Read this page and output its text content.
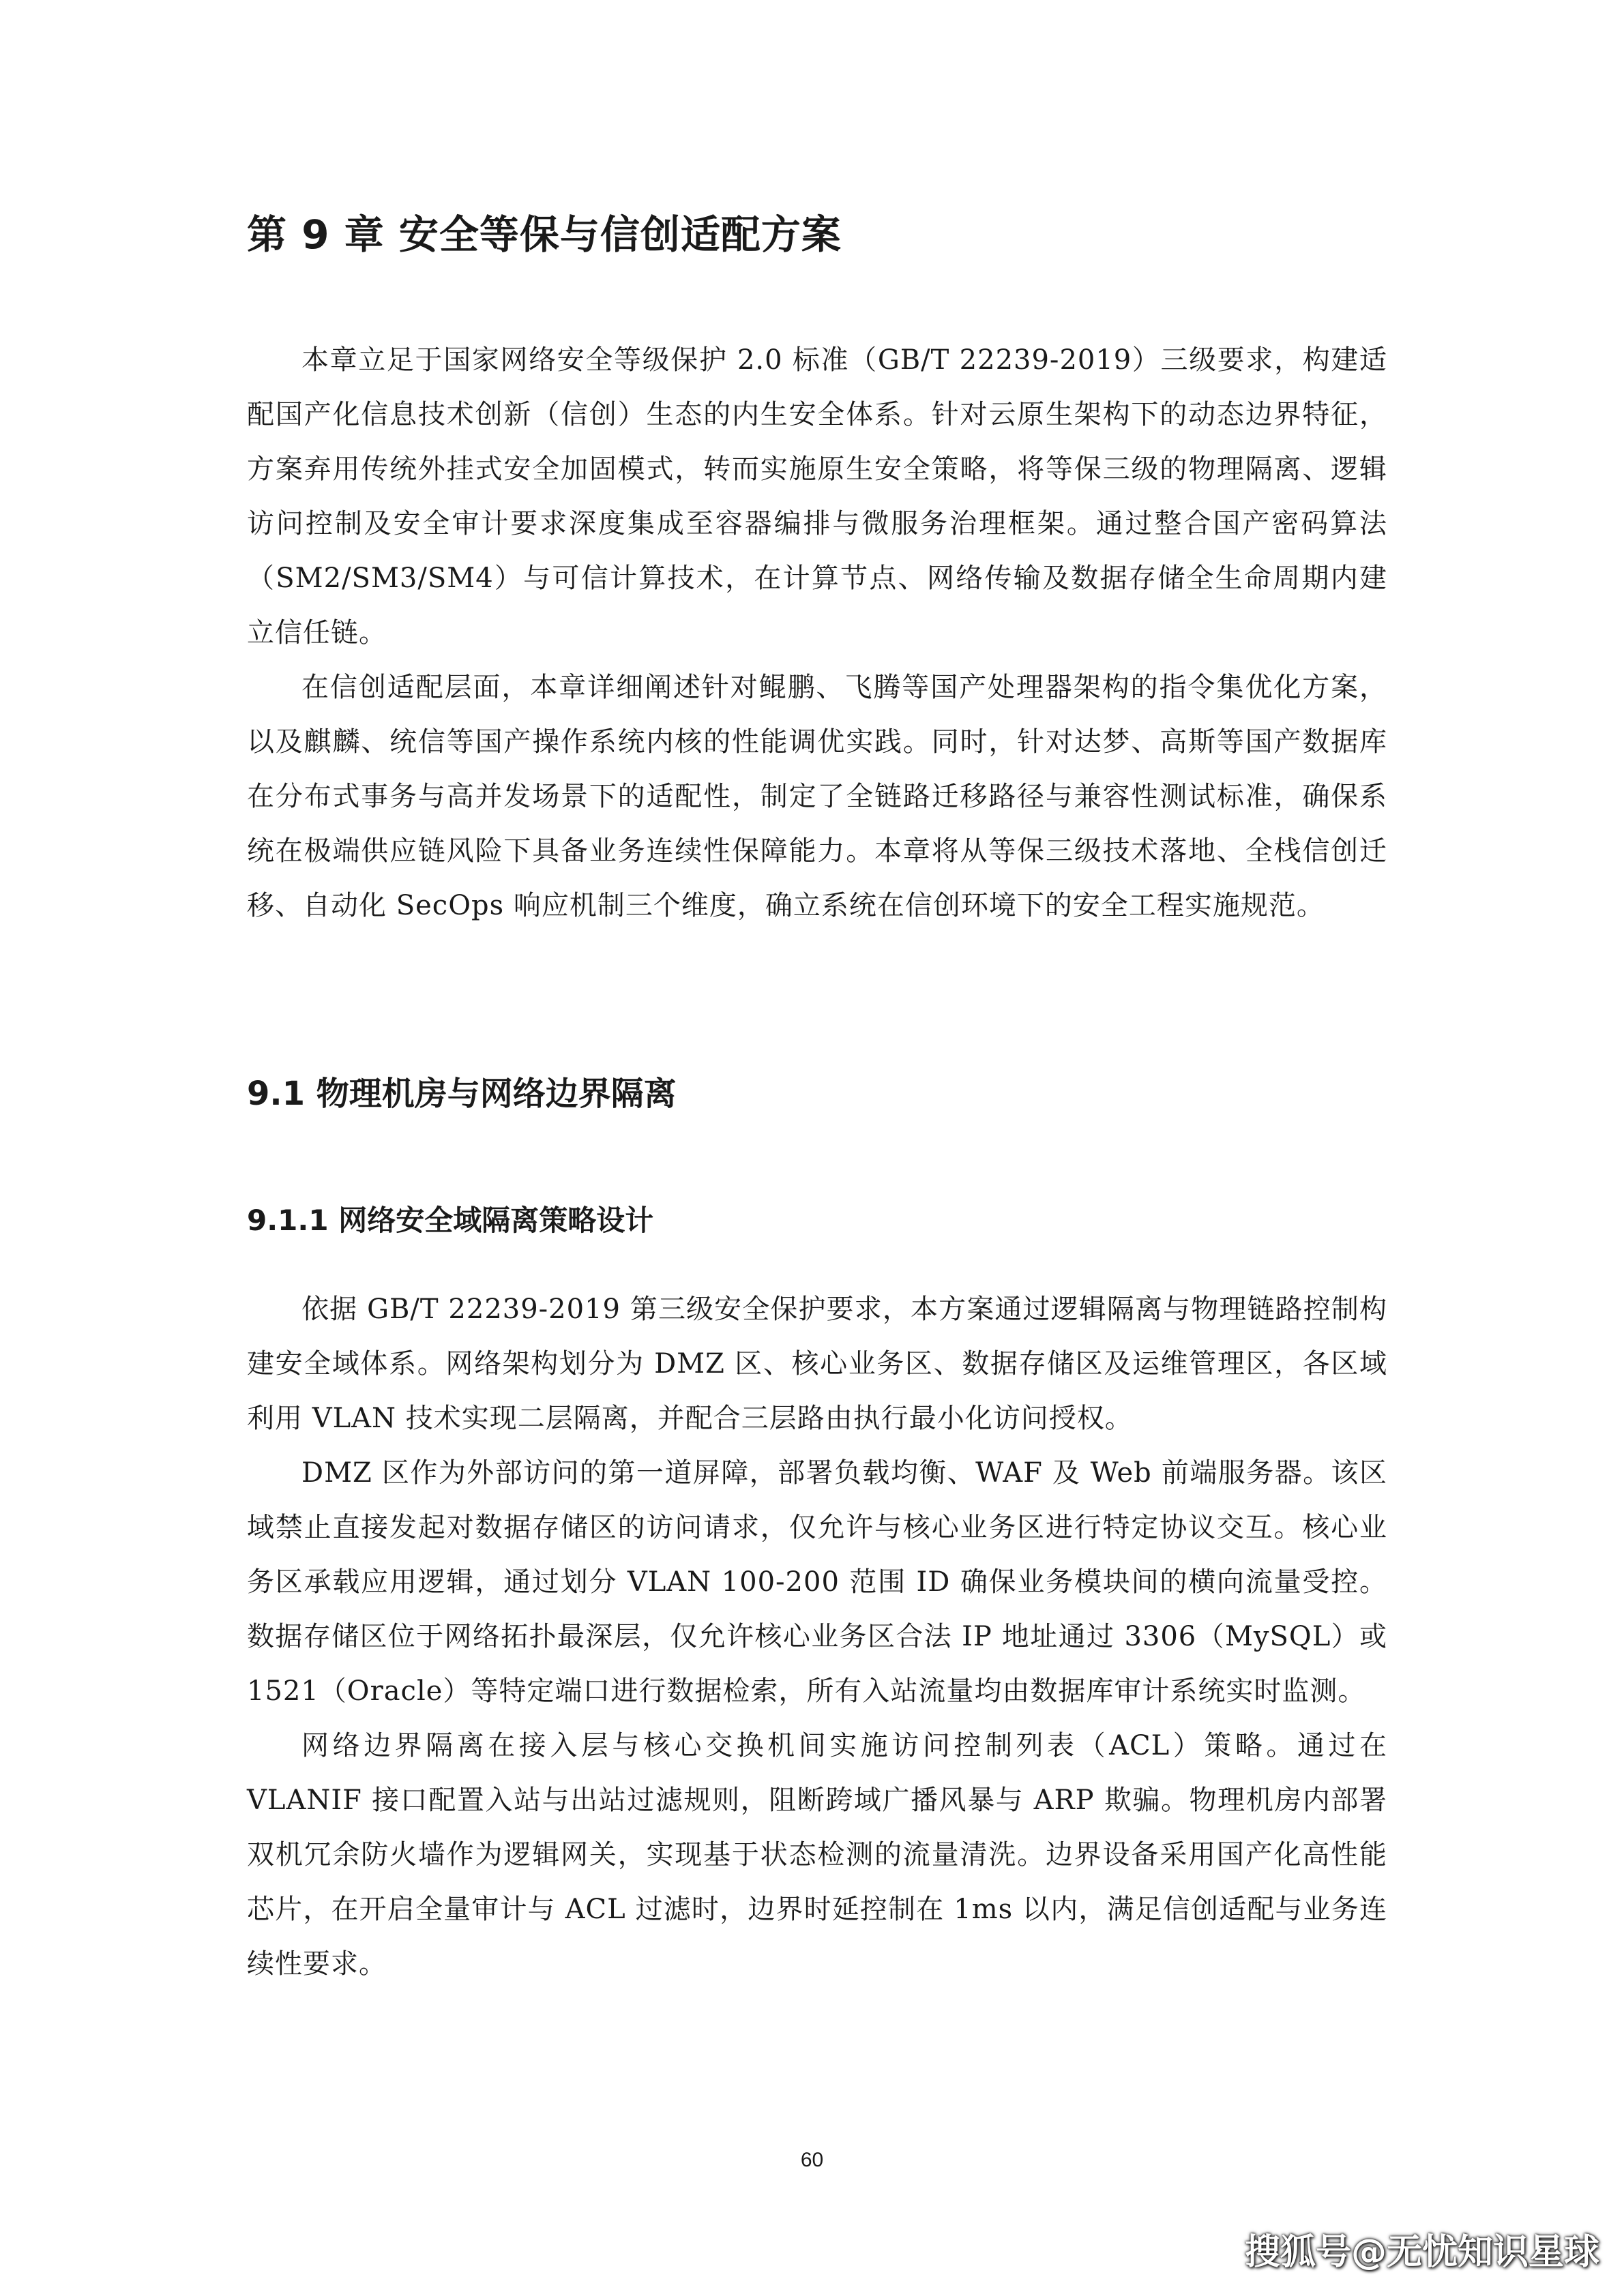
第 9 章 安全等保与信创适配方案

本章立足于国家网络安全等级保护 2.0 标准（GB/T 22239-2019）三级要求，构建适配国产化信息技术创新（信创）生态的内生安全体系。针对云原生架构下的动态边界特征，方案弃用传统外挂式安全加固模式，转而实施原生安全策略，将等保三级的物理隔离、逻辑访问控制及安全审计要求深度集成至容器编排与微服务治理框架。通过整合国产密码算法（SM2/SM3/SM4）与可信计算技术，在计算节点、网络传输及数据存储全生命周期内建立信任链。

在信创适配层面，本章详细阐述针对鲲鹏、飞腾等国产处理器架构的指令集优化方案，以及麒麟、统信等国产操作系统内核的性能调优实践。同时，针对达梦、高斯等国产数据库在分布式事务与高并发场景下的适配性，制定了全链路迁移路径与兼容性测试标准，确保系统在极端供应链风险下具备业务连续性保障能力。本章将从等保三级技术落地、全栈信创迁移、自动化 SecOps 响应机制三个维度，确立系统在信创环境下的安全工程实施规范。

9.1 物理机房与网络边界隔离
9.1.1 网络安全域隔离策略设计

依据 GB/T 22239-2019 第三级安全保护要求，本方案通过逻辑隔离与物理链路控制构建安全域体系。网络架构划分为 DMZ 区、核心业务区、数据存储区及运维管理区，各区域利用 VLAN 技术实现二层隔离，并配合三层路由执行最小化访问授权。

DMZ 区作为外部访问的第一道屏障，部署负载均衡、WAF 及 Web 前端服务器。该区域禁止直接发起对数据存储区的访问请求，仅允许与核心业务区进行特定协议交互。核心业务区承载应用逻辑，通过划分 VLAN 100-200 范围 ID 确保业务模块间的横向流量受控。数据存储区位于网络拓扑最深层，仅允许核心业务区合法 IP 地址通过 3306（MySQL）或 1521（Oracle）等特定端口进行数据检索，所有入站流量均由数据库审计系统实时监测。

网络边界隔离在接入层与核心交换机间实施访问控制列表（ACL）策略。通过在 VLANIF 接口配置入站与出站过滤规则，阻断跨域广播风暴与 ARP 欺骗。物理机房内部署双机冗余防火墙作为逻辑网关，实现基于状态检测的流量清洗。边界设备采用国产化高性能芯片，在开启全量审计与 ACL 过滤时，边界时延控制在 1ms 以内，满足信创适配与业务连续性要求。

60
搜狐号@无忧知识星球
